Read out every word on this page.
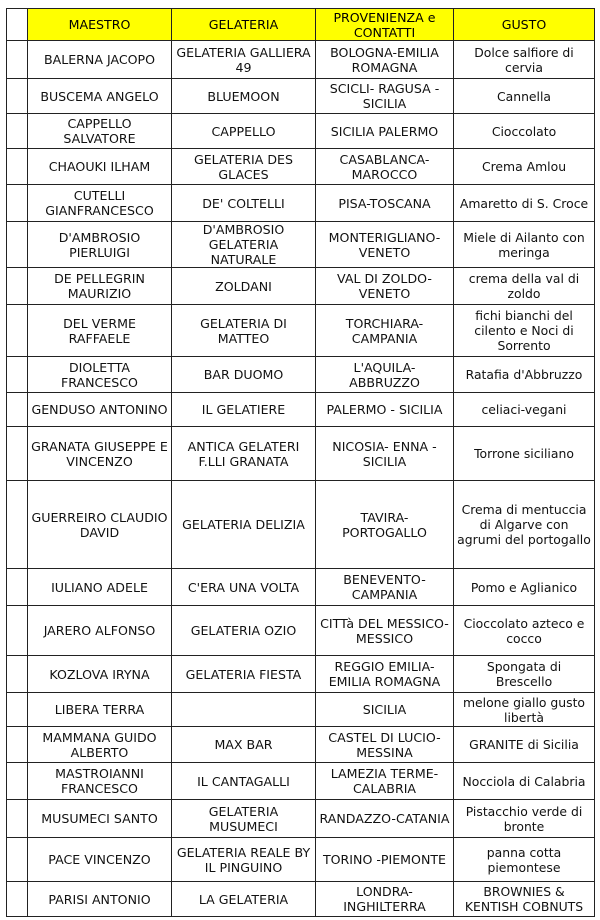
	MAESTRO	GELATERIA	PROVENIENZA e CONTATTI	GUSTO
	BALERNA JACOPO	GELATERIA GALLIERA 49	BOLOGNA-EMILIA ROMAGNA	Dolce salfiore di cervia
	BUSCEMA ANGELO	BLUEMOON	SCICLI- RAGUSA - SICILIA	Cannella
	CAPPELLO SALVATORE	CAPPELLO	SICILIA PALERMO	Cioccolato
	CHAOUKI ILHAM	GELATERIA DES GLACES	CASABLANCA-MAROCCO	Crema Amlou
	CUTELLI GIANFRANCESCO	DE' COLTELLI	PISA-TOSCANA	Amaretto di S. Croce
	D'AMBROSIO PIERLUIGI	D'AMBROSIO GELATERIA NATURALE	MONTERIGLIANO-VENETO	Miele di Ailanto con meringa
	DE PELLEGRIN MAURIZIO	ZOLDANI	VAL DI ZOLDO-VENETO	crema della val di zoldo
	DEL VERME RAFFAELE	GELATERIA DI MATTEO	TORCHIARA-CAMPANIA	fichi bianchi del cilento e Noci di Sorrento
	DIOLETTA FRANCESCO	BAR DUOMO	L'AQUILA-ABBRUZZO	Ratafia d'Abbruzzo
	GENDUSO ANTONINO	IL GELATIERE	PALERMO - SICILIA	celiaci-vegani
	GRANATA GIUSEPPE E VINCENZO	ANTICA GELATERI F.LLI GRANATA	NICOSIA- ENNA - SICILIA	Torrone siciliano
	GUERREIRO CLAUDIO DAVID	GELATERIA DELIZIA	TAVIRA-PORTOGALLO	Crema di mentuccia di Algarve con agrumi del portogallo
	IULIANO ADELE	C'ERA UNA VOLTA	BENEVENTO-CAMPANIA	Pomo e Aglianico
	JARERO ALFONSO	GELATERIA OZIO	CITTà DEL MESSICO-MESSICO	Cioccolato azteco e cocco
	KOZLOVA IRYNA	GELATERIA FIESTA	REGGIO EMILIA-EMILIA ROMAGNA	Spongata di Brescello
	LIBERA TERRA		SICILIA	melone giallo gusto libertà
	MAMMANA GUIDO ALBERTO	MAX BAR	CASTEL DI LUCIO-MESSINA	GRANITE di Sicilia
	MASTROIANNI FRANCESCO	IL CANTAGALLI	LAMEZIA TERME-CALABRIA	Nocciola di Calabria
	MUSUMECI SANTO	GELATERIA MUSUMECI	RANDAZZO-CATANIA	Pistacchio verde di bronte
	PACE VINCENZO	GELATERIA REALE BY IL PINGUINO	TORINO -PIEMONTE	panna cotta piemontese
	PARISI ANTONIO	LA GELATERIA	LONDRA-INGHILTERRA	BROWNIES & KENTISH COBNUTS
